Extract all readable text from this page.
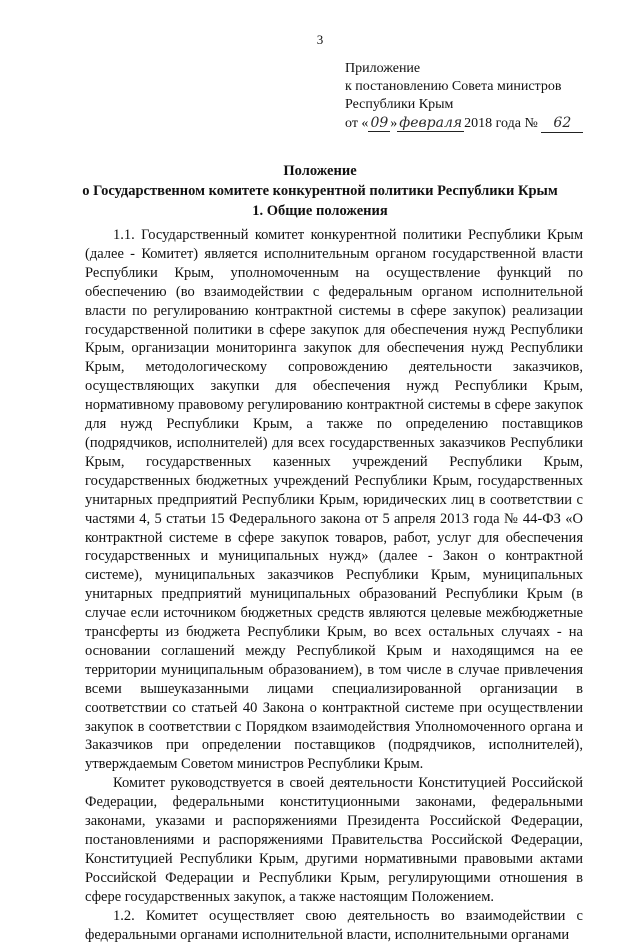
3
Приложение
к постановлению Совета министров
Республики Крым
от « 09 » февраля 2018 года № 62
Положение
о Государственном комитете конкурентной политики Республики Крым
1. Общие положения

1.1. Государственный комитет конкурентной политики Республики Крым (далее - Комитет) является исполнительным органом государственной власти Республики Крым, уполномоченным на осуществление функций по обеспечению (во взаимодействии с федеральным органом исполнительной власти по регулированию контрактной системы в сфере закупок) реализации государственной политики в сфере закупок для обеспечения нужд Республики Крым, организации мониторинга закупок для обеспечения нужд Республики Крым, методологическому сопровождению деятельности заказчиков, осуществляющих закупки для обеспечения нужд Республики Крым, нормативному правовому регулированию контрактной системы в сфере закупок для нужд Республики Крым, а также по определению поставщиков (подрядчиков, исполнителей) для всех государственных заказчиков Республики Крым, государственных казенных учреждений Республики Крым, государственных бюджетных учреждений Республики Крым, государственных унитарных предприятий Республики Крым, юридических лиц в соответствии с частями 4, 5 статьи 15 Федерального закона от 5 апреля 2013 года № 44-ФЗ «О контрактной системе в сфере закупок товаров, работ, услуг для обеспечения государственных и муниципальных нужд» (далее - Закон о контрактной системе), муниципальных заказчиков Республики Крым, муниципальных унитарных предприятий муниципальных образований Республики Крым (в случае если источником бюджетных средств являются целевые межбюджетные трансферты из бюджета Республики Крым, во всех остальных случаях - на основании соглашений между Республикой Крым и находящимся на ее территории муниципальным образованием), в том числе в случае привлечения всеми вышеуказанными лицами специализированной организации в соответствии со статьей 40 Закона о контрактной системе при осуществлении закупок в соответствии с Порядком взаимодействия Уполномоченного органа и Заказчиков при определении поставщиков (подрядчиков, исполнителей), утверждаемым Советом министров Республики Крым.

Комитет руководствуется в своей деятельности Конституцией Российской Федерации, федеральными конституционными законами, федеральными законами, указами и распоряжениями Президента Российской Федерации, постановлениями и распоряжениями Правительства Российской Федерации, Конституцией Республики Крым, другими нормативными правовыми актами Российской Федерации и Республики Крым, регулирующими отношения в сфере государственных закупок, а также настоящим Положением.

1.2. Комитет осуществляет свою деятельность во взаимодействии с федеральными органами исполнительной власти, исполнительными органами
